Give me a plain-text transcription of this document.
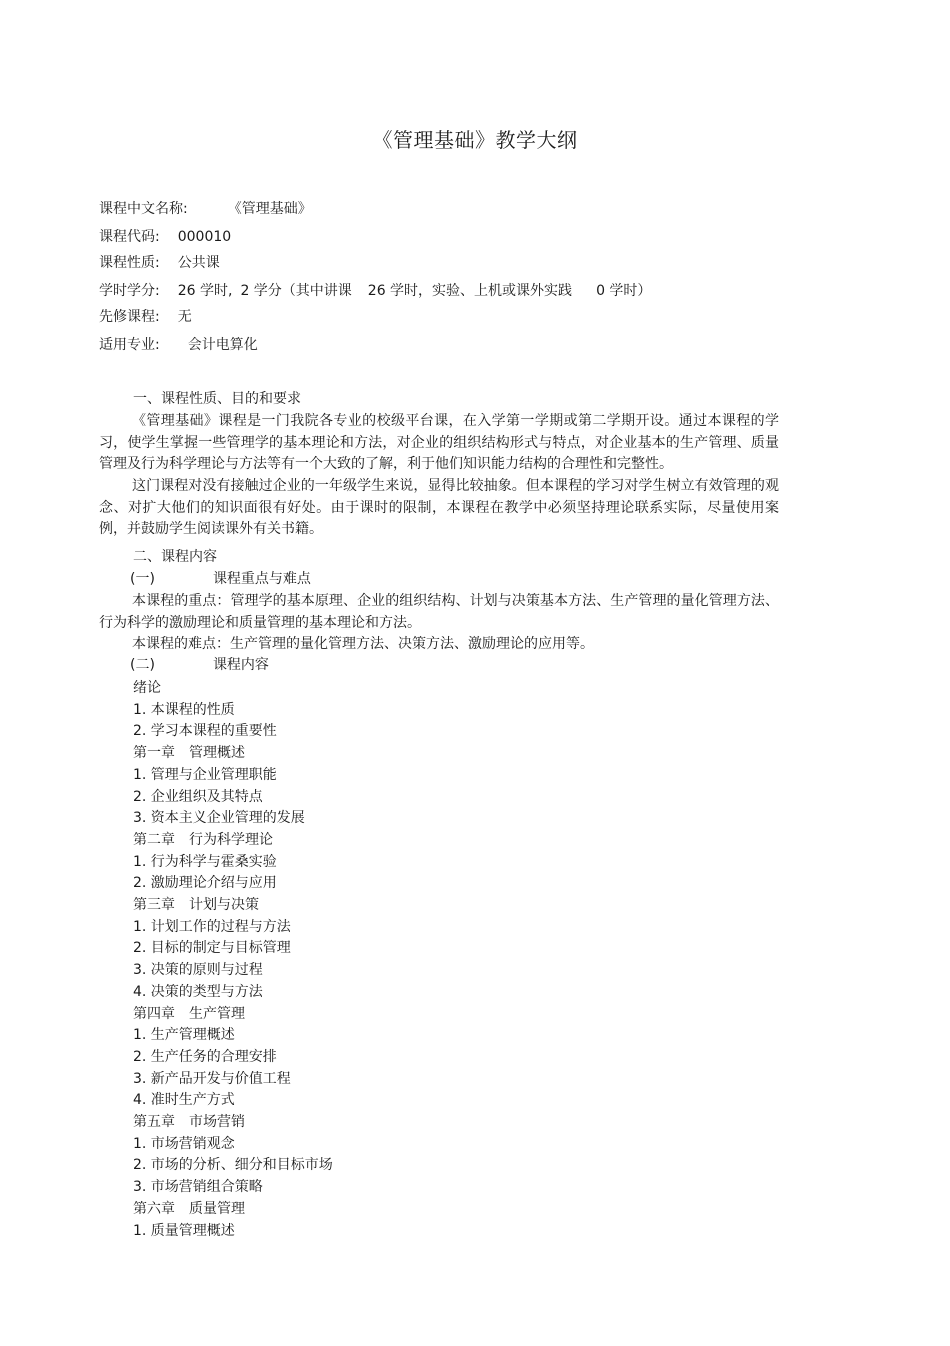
《管理基础》教学大纲
课程中文名称:	《管理基础》
课程代码: 000010
课程性质: 公共课
学时学分: 26 学时, 2 学分（其中讲课 26 学时，实验、上机或课外实践 0 学时）
先修课程: 无
适用专业: 会计电算化
一、课程性质、目的和要求
《管理基础》课程是一门我院各专业的校级平台课，在入学第一学期或第二学期开设。通过本课程的学习，使学生掌握一些管理学的基本理论和方法，对企业的组织结构形式与特点，对企业基本的生产管理、质量管理及行为科学理论与方法等有一个大致的了解，利于他们知识能力结构的合理性和完整性。
这门课程对没有接触过企业的一年级学生来说，显得比较抽象。但本课程的学习对学生树立有效管理的观念、对扩大他们的知识面很有好处。由于课时的限制，本课程在教学中必须坚持理论联系实际，尽量使用案例，并鼓励学生阅读课外有关书籍。
二、课程内容
(一)	课程重点与难点
本课程的重点：管理学的基本原理、企业的组织结构、计划与决策基本方法、生产管理的量化管理方法、行为科学的激励理论和质量管理的基本理论和方法。
本课程的难点：生产管理的量化管理方法、决策方法、激励理论的应用等。
(二)	课程内容
绪论
1. 本课程的性质
2. 学习本课程的重要性
第一章　管理概述
1. 管理与企业管理职能
2. 企业组织及其特点
3. 资本主义企业管理的发展
第二章　行为科学理论
1. 行为科学与霍桑实验
2. 激励理论介绍与应用
第三章　计划与决策
1. 计划工作的过程与方法
2. 目标的制定与目标管理
3. 决策的原则与过程
4. 决策的类型与方法
第四章　生产管理
1. 生产管理概述
2. 生产任务的合理安排
3. 新产品开发与价值工程
4. 准时生产方式
第五章　市场营销
1. 市场营销观念
2. 市场的分析、细分和目标市场
3. 市场营销组合策略
第六章　质量管理
1. 质量管理概述
